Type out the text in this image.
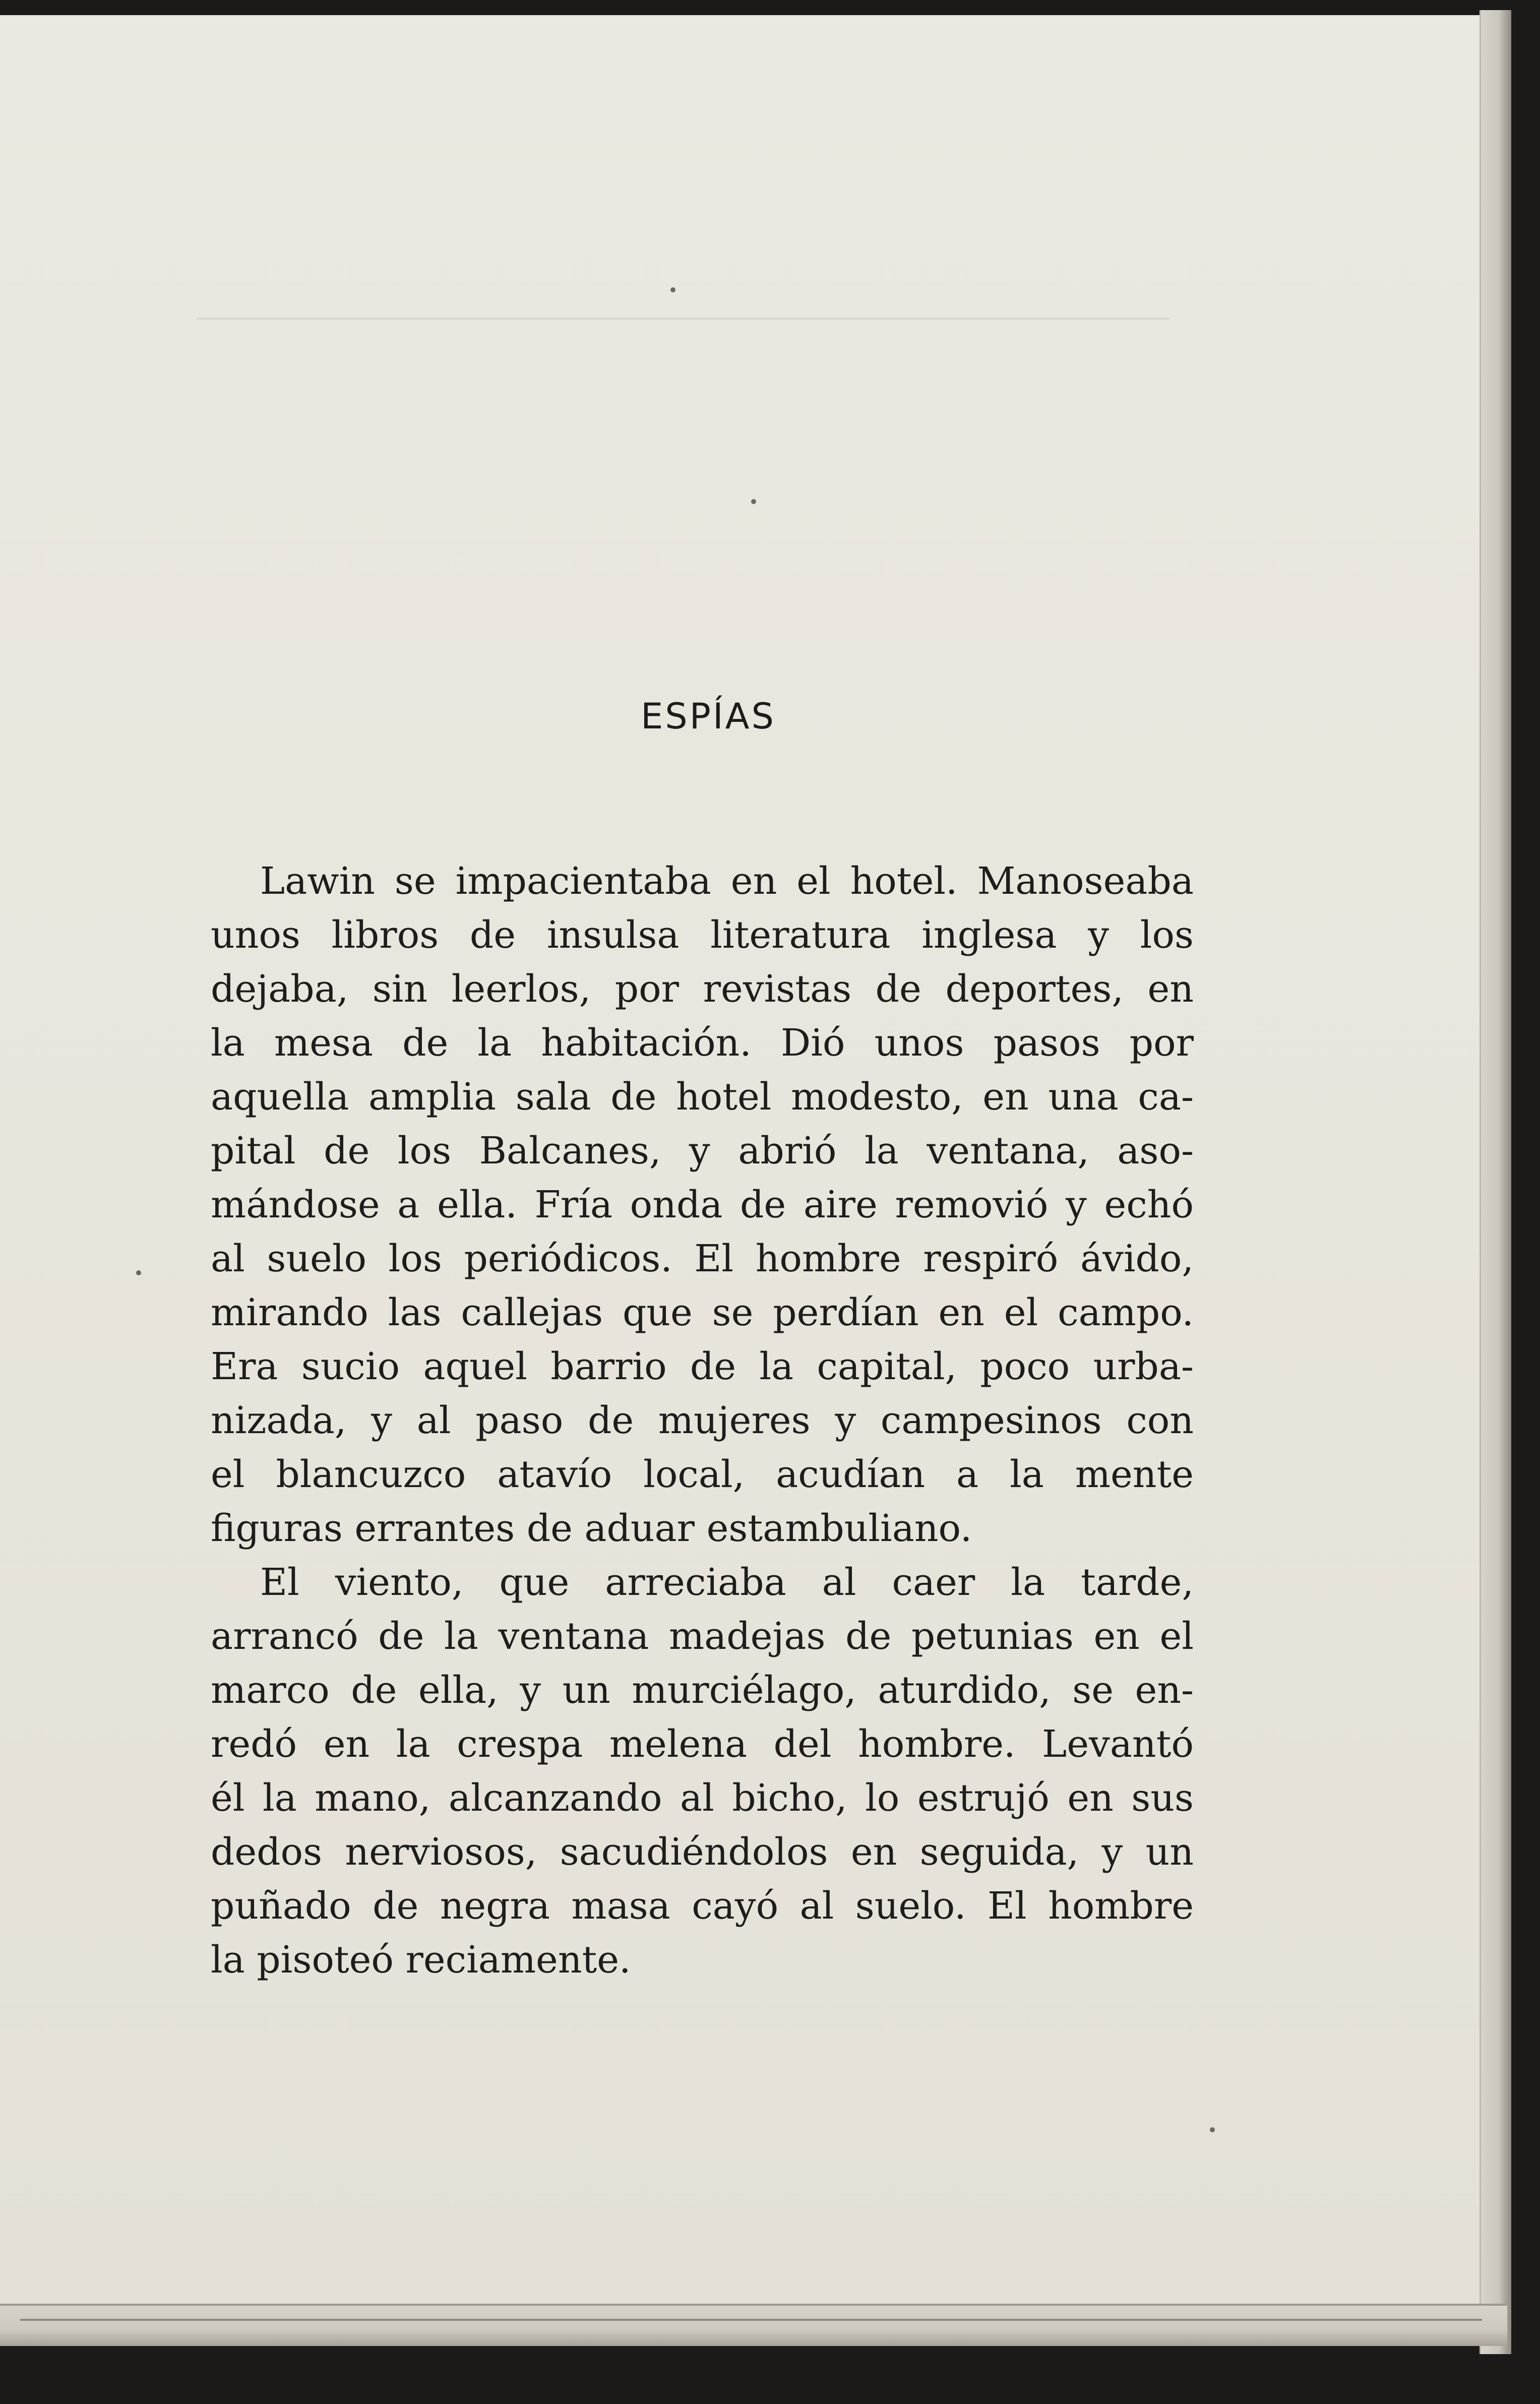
ESPÍAS
Lawin se impacientaba en el hotel. Manoseaba
unos libros de insulsa literatura inglesa y los
dejaba, sin leerlos, por revistas de deportes, en
la mesa de la habitación. Dió unos pasos por
aquella amplia sala de hotel modesto, en una ca-
pital de los Balcanes, y abrió la ventana, aso-
mándose a ella. Fría onda de aire removió y echó
al suelo los periódicos. El hombre respiró ávido,
mirando las callejas que se perdían en el campo.
Era sucio aquel barrio de la capital, poco urba-
nizada, y al paso de mujeres y campesinos con
el blancuzco atavío local, acudían a la mente
figuras errantes de aduar estambuliano.
El viento, que arreciaba al caer la tarde,
arrancó de la ventana madejas de petunias en el
marco de ella, y un murciélago, aturdido, se en-
redó en la crespa melena del hombre. Levantó
él la mano, alcanzando al bicho, lo estrujó en sus
dedos nerviosos, sacudiéndolos en seguida, y un
puñado de negra masa cayó al suelo. El hombre
la pisoteó reciamente.
